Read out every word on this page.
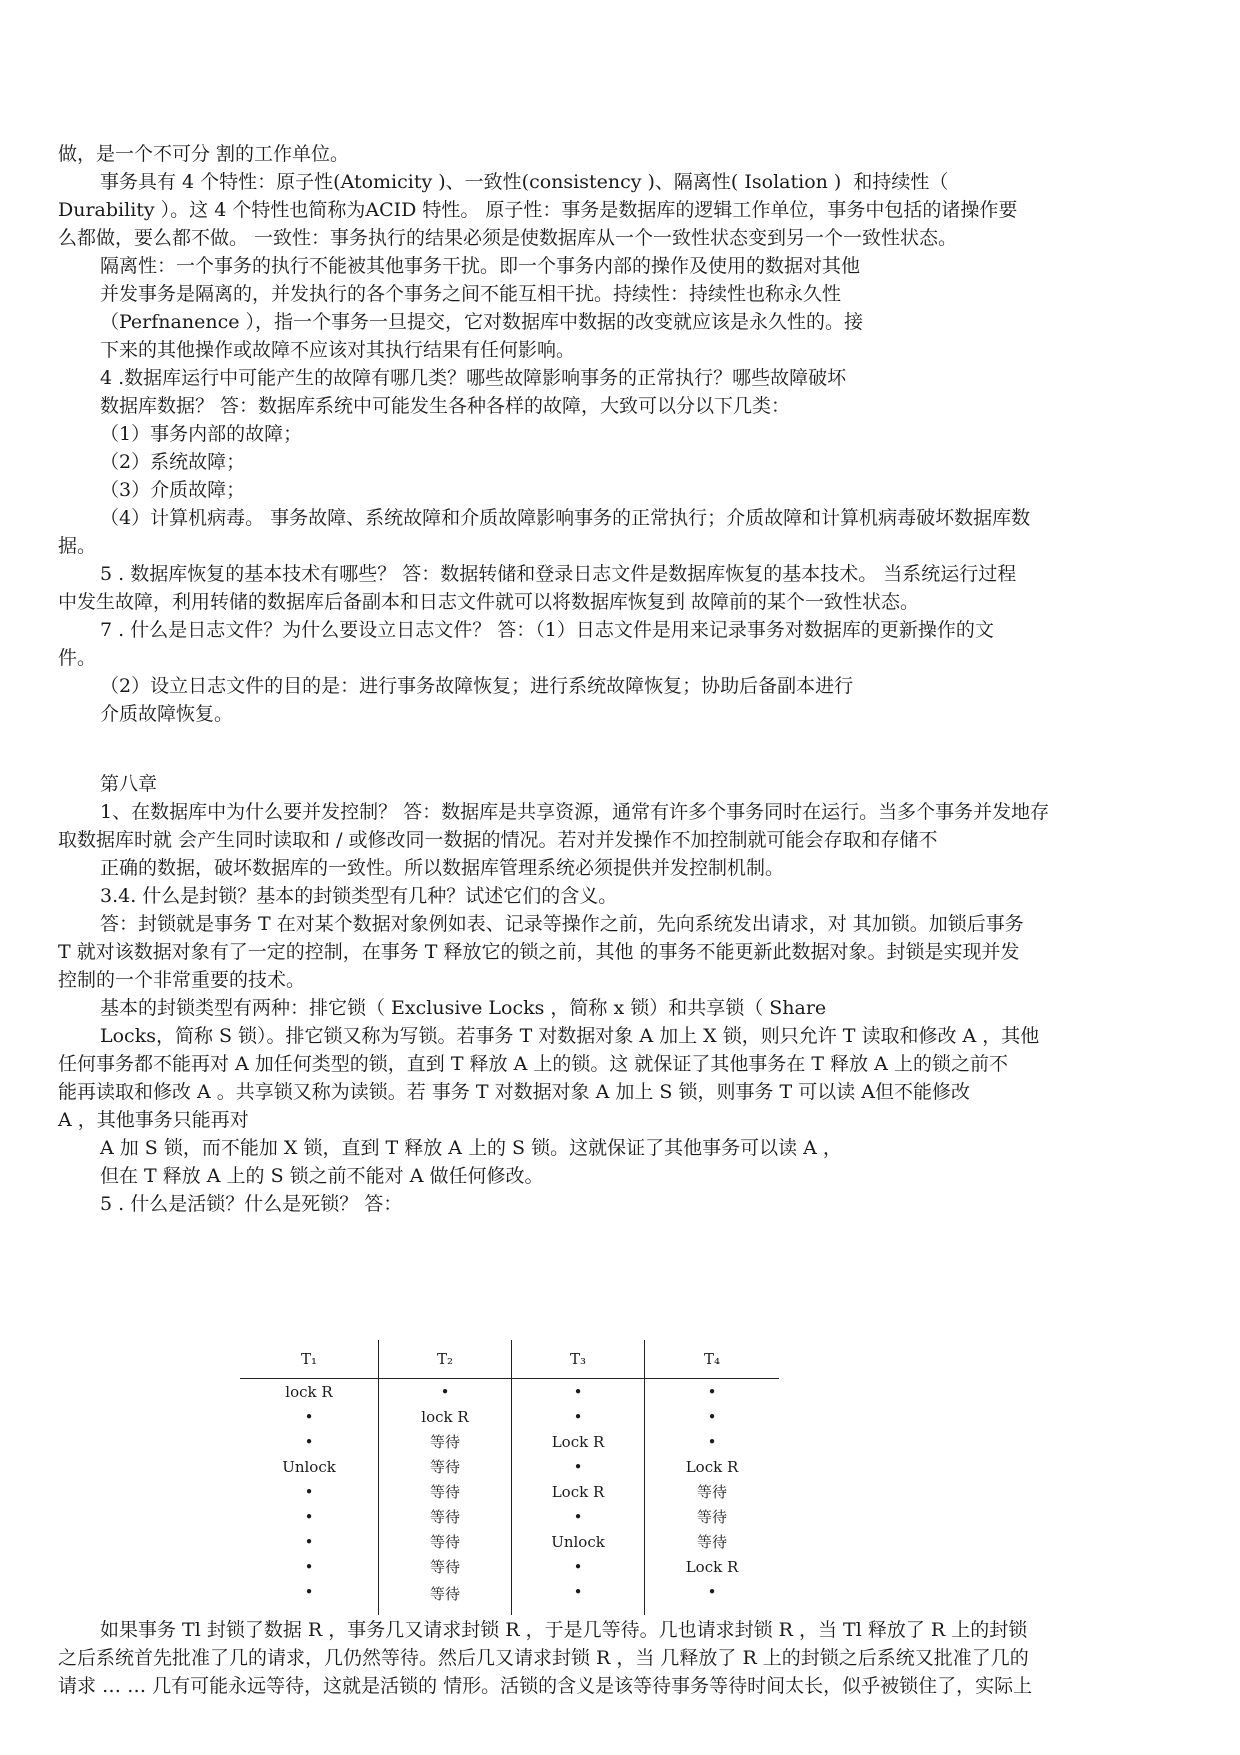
做，是一个不可分 割的工作单位。
事务具有 4 个特性：原子性(Atomicity )、一致性(consistency )、隔离性( Isolation )  和持续性（
Durability ）。这 4 个特性也简称为ACID 特性。 原子性：事务是数据库的逻辑工作单位，事务中包括的诸操作要
么都做，要么都不做。 一致性：事务执行的结果必须是使数据库从一个一致性状态变到另一个一致性状态。
隔离性：一个事务的执行不能被其他事务干扰。即一个事务内部的操作及使用的数据对其他
并发事务是隔离的，并发执行的各个事务之间不能互相干扰。持续性：持续性也称永久性
（Perfnanence ），指一个事务一旦提交，它对数据库中数据的改变就应该是永久性的。接
下来的其他操作或故障不应该对其执行结果有任何影响。
4 .数据库运行中可能产生的故障有哪几类？哪些故障影响事务的正常执行？哪些故障破坏
数据库数据？ 答：数据库系统中可能发生各种各样的故障，大致可以分以下几类：
（1）事务内部的故障；
（2）系统故障；
（3）介质故障；
（4）计算机病毒。 事务故障、系统故障和介质故障影响事务的正常执行；介质故障和计算机病毒破坏数据库数
据。
5 . 数据库恢复的基本技术有哪些？ 答：数据转储和登录日志文件是数据库恢复的基本技术。 当系统运行过程
中发生故障，利用转储的数据库后备副本和日志文件就可以将数据库恢复到 故障前的某个一致性状态。
7 . 什么是日志文件？为什么要设立日志文件？ 答：（1）日志文件是用来记录事务对数据库的更新操作的文
件。
（2）设立日志文件的目的是：进行事务故障恢复；进行系统故障恢复；协助后备副本进行
介质故障恢复。
第八章
1、在数据库中为什么要并发控制？ 答：数据库是共享资源，通常有许多个事务同时在运行。当多个事务并发地存
取数据库时就 会产生同时读取和 / 或修改同一数据的情况。若对并发操作不加控制就可能会存取和存储不
正确的数据，破坏数据库的一致性。所以数据库管理系统必须提供并发控制机制。
3.4. 什么是封锁？基本的封锁类型有几种？试述它们的含义。
答：封锁就是事务 T 在对某个数据对象例如表、记录等操作之前，先向系统发出请求，对 其加锁。加锁后事务
T 就对该数据对象有了一定的控制，在事务 T 释放它的锁之前，其他 的事务不能更新此数据对象。封锁是实现并发
控制的一个非常重要的技术。
基本的封锁类型有两种：排它锁（ Exclusive Locks ，简称 x 锁）和共享锁（ Share
Locks，简称 S 锁）。排它锁又称为写锁。若事务 T 对数据对象 A 加上 X 锁，则只允许 T 读取和修改 A ，其他
任何事务都不能再对 A 加任何类型的锁，直到 T 释放 A 上的锁。这 就保证了其他事务在 T 释放 A 上的锁之前不
能再读取和修改 A 。共享锁又称为读锁。若 事务 T 对数据对象 A 加上 S 锁，则事务 T 可以读 A但不能修改
A ，其他事务只能再对
A 加 S 锁，而不能加 X 锁，直到 T 释放 A 上的 S 锁。这就保证了其他事务可以读 A ，
但在 T 释放 A 上的 S 锁之前不能对 A 做任何修改。
5 . 什么是活锁？什么是死锁？ 答：
如果事务 Tl 封锁了数据 R ，事务几又请求封锁 R ，于是几等待。几也请求封锁 R ，当 Tl 释放了 R 上的封锁
之后系统首先批准了几的请求，几仍然等待。然后几又请求封锁 R ，当 几释放了 R 上的封锁之后系统又批准了几的
请求 … … 几有可能永远等待，这就是活锁的 情形。活锁的含义是该等待事务等待时间太长，似乎被锁住了，实际上
T₁	T₂	T₃	T₄
lock R	•	•	•
•	lock R	•	•
•	等待	Lock R	•
Unlock	等待	•	Lock R
•	等待	Lock R	等待
•	等待	•	等待
•	等待	Unlock	等待
•	等待	•	Lock R
•	等待	•	•
